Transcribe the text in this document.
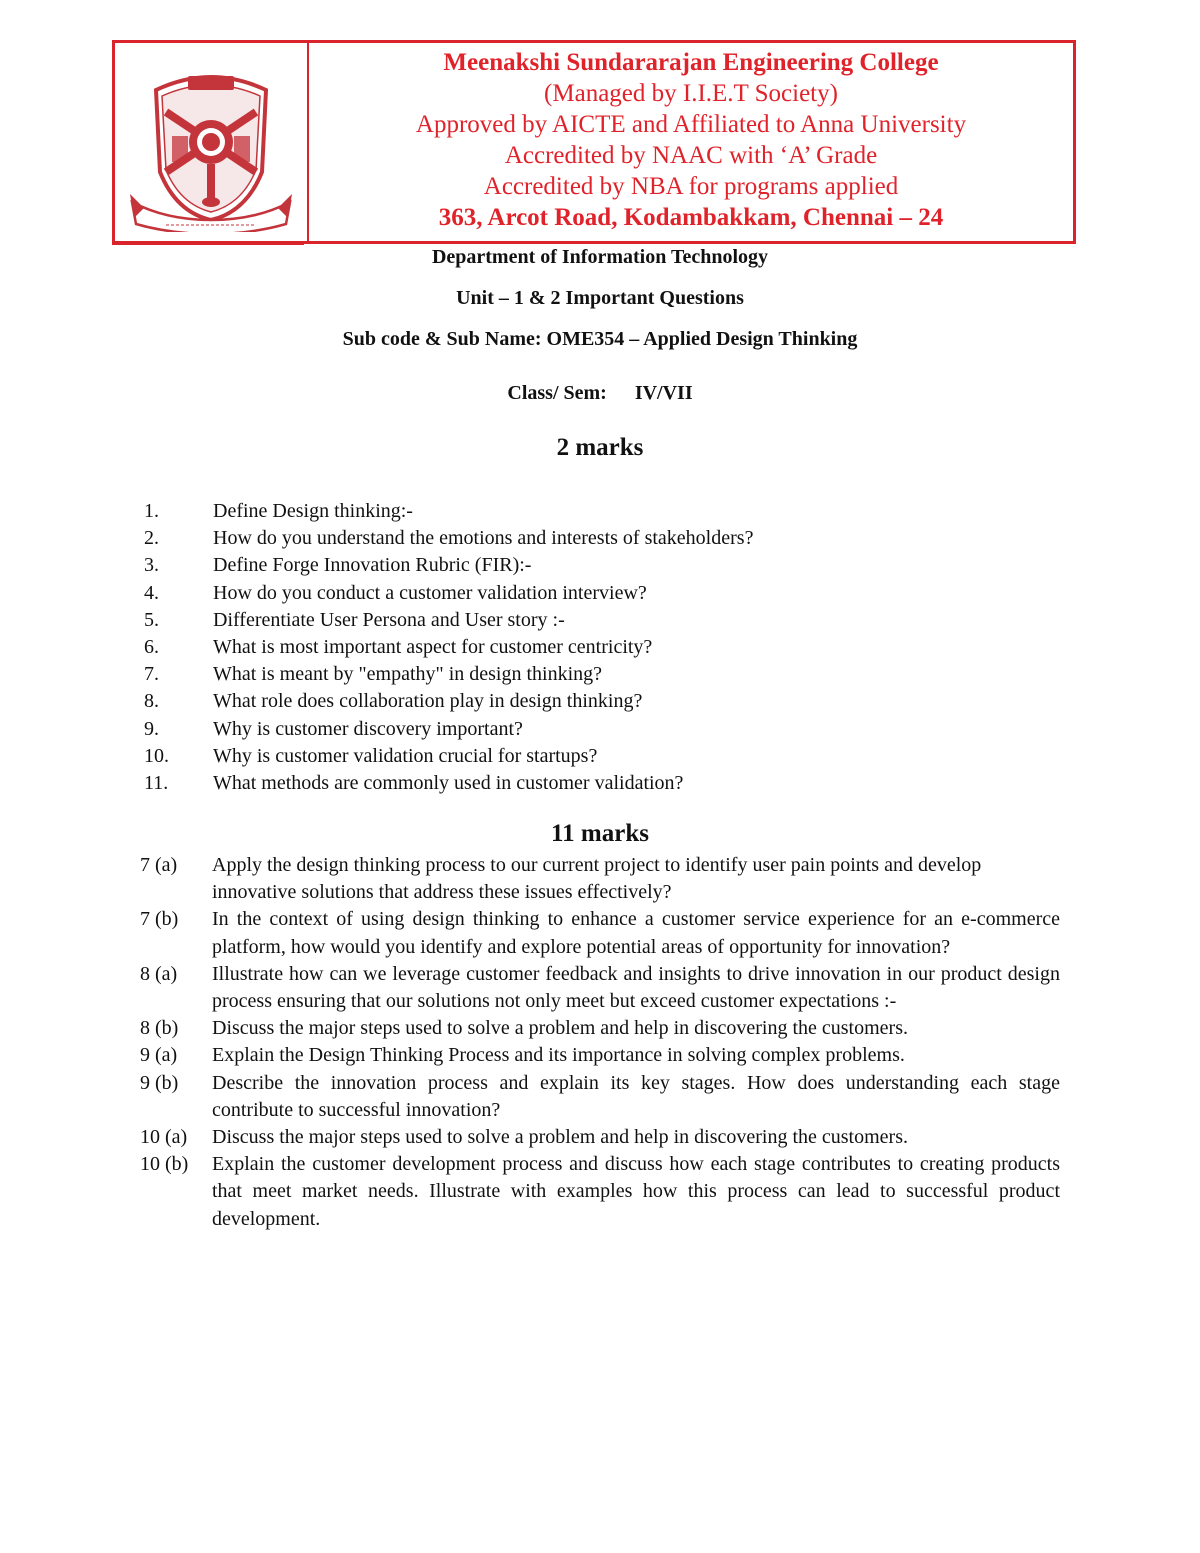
Meenakshi Sundararajan Engineering College
(Managed by I.I.E.T Society)
Approved by AICTE and Affiliated to Anna University
Accredited by NAAC with ‘A’ Grade
Accredited by NBA for programs applied
363, Arcot Road, Kodambakkam, Chennai – 24
Department of Information Technology
Unit – 1 & 2 Important Questions
Sub code & Sub Name: OME354 – Applied Design Thinking
Class/ Sem: IV/VII
2 marks
1.	Define Design thinking:-
2.	How do you understand the emotions and interests of stakeholders?
3.	Define Forge Innovation Rubric (FIR):-
4.	How do you conduct a customer validation interview?
5.	Differentiate User Persona and User story :-
6.	What is most important aspect for customer centricity?
7.	What is meant by "empathy" in design thinking?
8.	What role does collaboration play in design thinking?
9.	Why is customer discovery important?
10.	Why is customer validation crucial for startups?
11.	What methods are commonly used in customer validation?
11 marks
7 (a)	Apply the design thinking process to our current project to identify user pain points and develop innovative solutions that address these issues effectively?
7 (b)	In the context of using design thinking to enhance a customer service experience for an e-commerce platform, how would you identify and explore potential areas of opportunity for innovation?
8 (a)	Illustrate how can we leverage customer feedback and insights to drive innovation in our product design process ensuring that our solutions not only meet but exceed customer expectations :-
8 (b)	Discuss the major steps used to solve a problem and help in discovering the customers.
9 (a)	Explain the Design Thinking Process and its importance in solving complex problems.
9 (b)	Describe the innovation process and explain its key stages. How does understanding each stage contribute to successful innovation?
10 (a)	Discuss the major steps used to solve a problem and help in discovering the customers.
10 (b)	Explain the customer development process and discuss how each stage contributes to creating products that meet market needs. Illustrate with examples how this process can lead to successful product development.
